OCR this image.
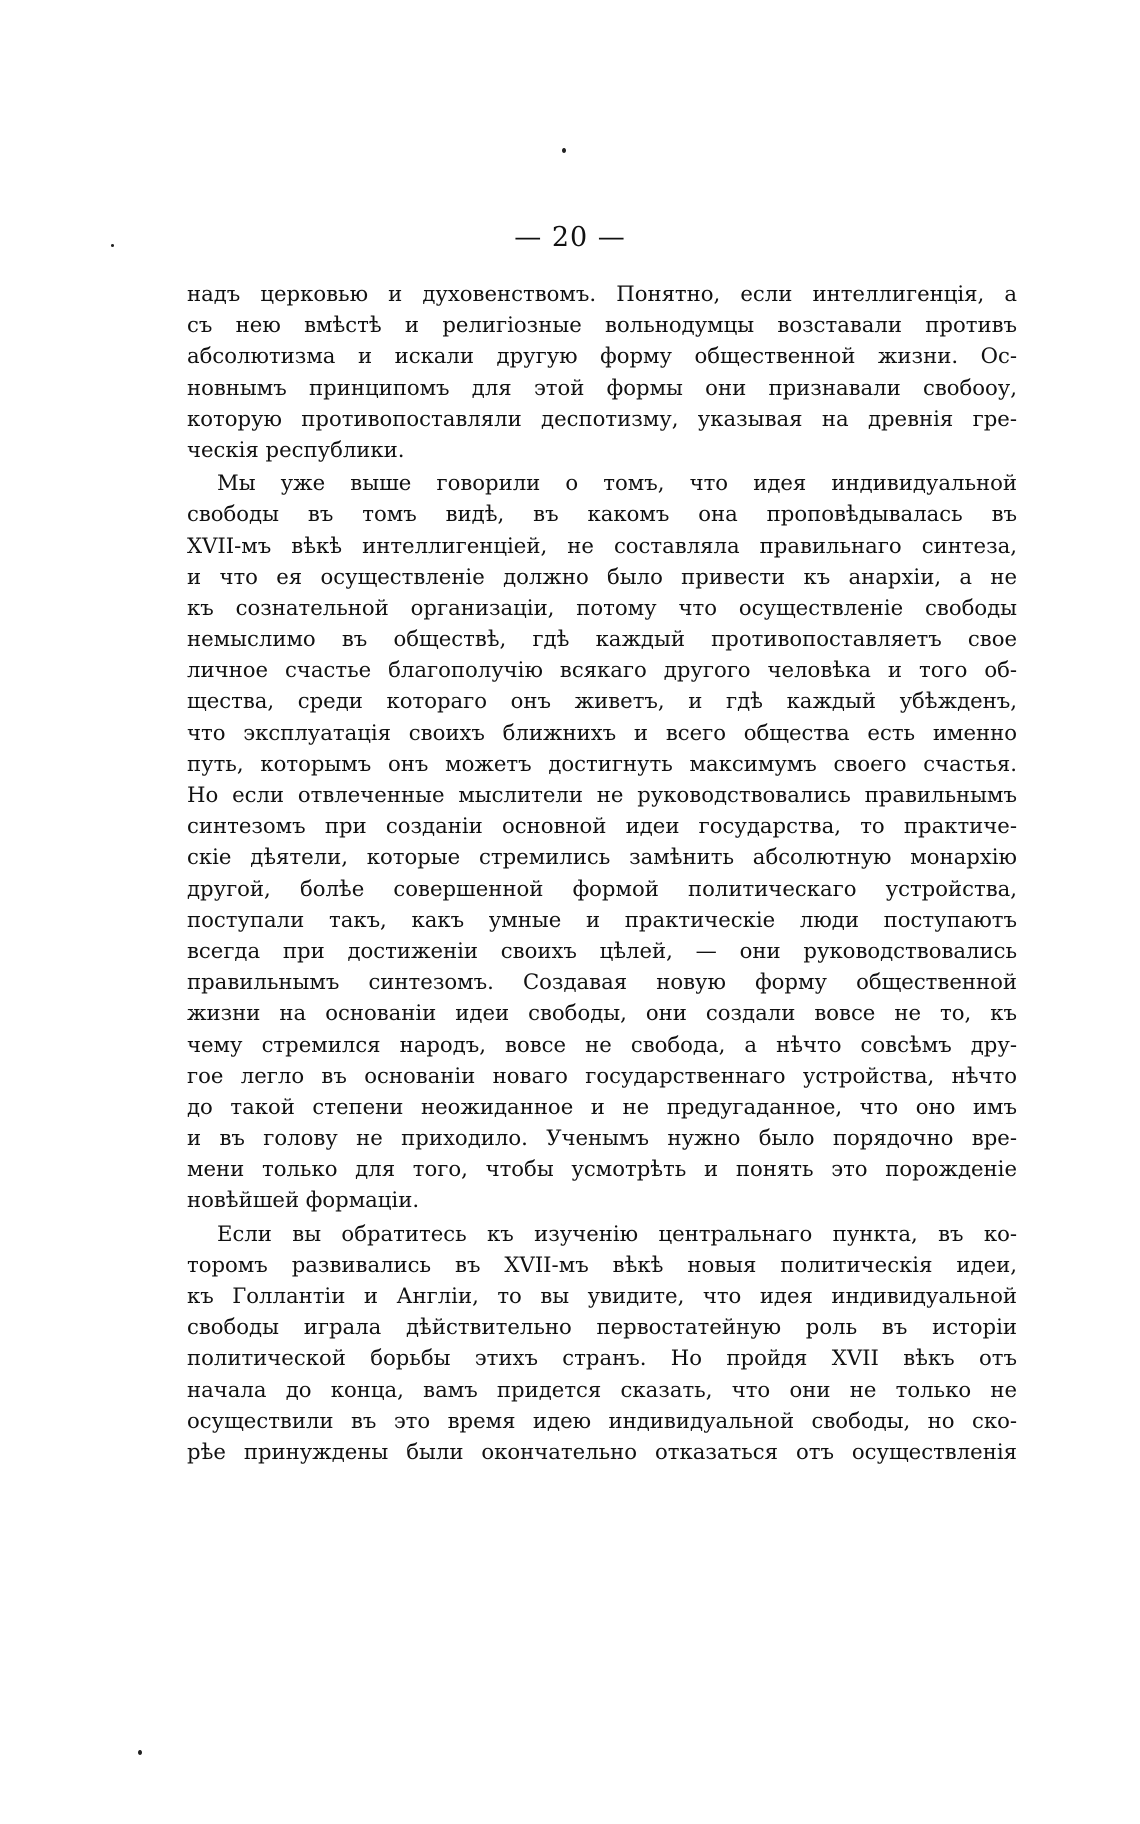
— 20 —
надъ церковью и духовенствомъ. Понятно, если интеллигенція, а
съ нею вмѣстѣ и религіозные вольнодумцы возставали противъ
абсолютизма и искали другую форму общественной жизни. Ос-
новнымъ принципомъ для этой формы они признавали свобоοу,
которую противопоставляли деспотизму, указывая на древнія гре-
ческія республики.
Мы уже выше говорили о томъ, что идея индивидуальной
свободы въ томъ видѣ, въ какомъ она проповѣдывалась въ
XVII-мъ вѣкѣ интеллигенціей, не составляла правильнаго синтеза,
и что ея осуществленіе должно было привести къ анархіи, а не
къ сознательной организаціи, потому что осуществленіе свободы
немыслимо въ обществѣ, гдѣ каждый противопоставляетъ свое
личное счастье благополучію всякаго другого человѣка и того об-
щества, среди котораго онъ живетъ, и гдѣ каждый убѣжденъ,
что эксплуатація своихъ ближнихъ и всего общества есть именно
путь, которымъ онъ можетъ достигнуть максимумъ своего счастья.
Но если отвлеченные мыслители не руководствовались правильнымъ
синтезомъ при созданіи основной идеи государства, то практиче-
скіе дѣятели, которые стремились замѣнить абсолютную монархію
другой, болѣе совершенной формой политическаго устройства,
поступали такъ, какъ умные и практическіе люди поступаютъ
всегда при достиженіи своихъ цѣлей, — они руководствовались
правильнымъ синтезомъ. Создавая новую форму общественной
жизни на основаніи идеи свободы, они создали вовсе не то, къ
чему стремился народъ, вовсе не свобода, а нѣчто совсѣмъ дру-
гое легло въ основаніи новаго государственнаго устройства, нѣчто
до такой степени неожиданное и не предугаданное, что оно имъ
и въ голову не приходило. Ученымъ нужно было порядочно вре-
мени только для того, чтобы усмотрѣть и понять это порожденіе
новѣйшей формаціи.
Если вы обратитесь къ изученію центральнаго пункта, въ ко-
торомъ развивались въ XVII-мъ вѣкѣ новыя политическія идеи,
къ Голлантіи и Англіи, то вы увидите, что идея индивидуальной
свободы играла дѣйствительно первостатейную роль въ исторіи
политической борьбы этихъ странъ. Но пройдя XVII вѣкъ отъ
начала до конца, вамъ придется сказать, что они не только не
осуществили въ это время идею индивидуальной свободы, но ско-
рѣе принуждены были окончательно отказаться отъ осуществленія
